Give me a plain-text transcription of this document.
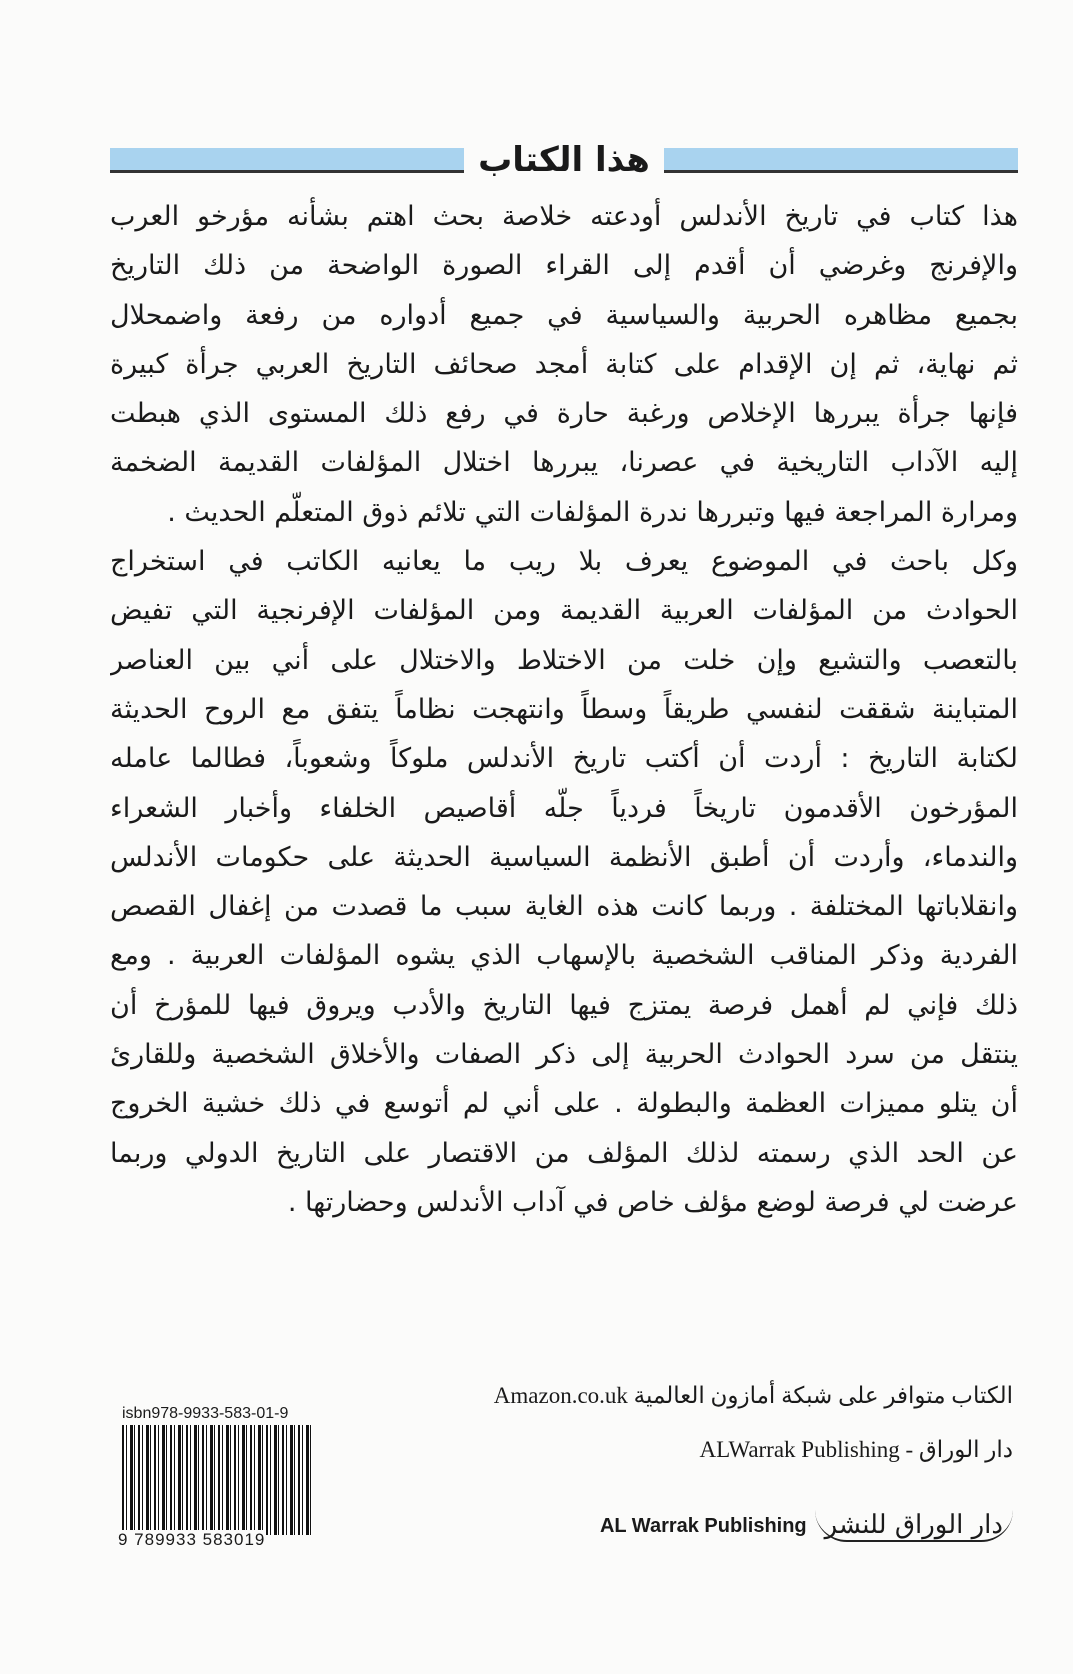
هذا الكتاب
هذا كتاب في تاريخ الأندلس أودعته خلاصة بحث اهتم بشأنه مؤرخو العرب
والإفرنج وغرضي أن أقدم إلى القراء الصورة الواضحة من ذلك التاريخ
بجميع مظاهره الحربية والسياسية في جميع أدواره من رفعة واضمحلال
ثم نهاية، ثم إن الإقدام على كتابة أمجد صحائف التاريخ العربي جرأة كبيرة
فإنها جرأة يبررها الإخلاص ورغبة حارة في رفع ذلك المستوى الذي هبطت
إليه الآداب التاريخية في عصرنا، يبررها اختلال المؤلفات القديمة الضخمة
ومرارة المراجعة فيها وتبررها ندرة المؤلفات التي تلائم ذوق المتعلّم الحديث .
وكل باحث في الموضوع يعرف بلا ريب ما يعانيه الكاتب في استخراج
الحوادث من المؤلفات العربية القديمة ومن المؤلفات الإفرنجية التي تفيض
بالتعصب والتشيع وإن خلت من الاختلاط والاختلال على أني بين العناصر
المتباينة شققت لنفسي طريقاً وسطاً وانتهجت نظاماً يتفق مع الروح الحديثة
لكتابة التاريخ : أردت أن أكتب تاريخ الأندلس ملوكاً وشعوباً، فطالما عامله
المؤرخون الأقدمون تاريخاً فردياً جلّه أقاصيص الخلفاء وأخبار الشعراء
والندماء، وأردت أن أطبق الأنظمة السياسية الحديثة على حكومات الأندلس
وانقلاباتها المختلفة . وربما كانت هذه الغاية سبب ما قصدت من إغفال القصص
الفردية وذكر المناقب الشخصية بالإسهاب الذي يشوه المؤلفات العربية . ومع
ذلك فإني لم أهمل فرصة يمتزج فيها التاريخ والأدب ويروق فيها للمؤرخ أن
ينتقل من سرد الحوادث الحربية إلى ذكر الصفات والأخلاق الشخصية وللقارئ
أن يتلو مميزات العظمة والبطولة . على أني لم أتوسع في ذلك خشية الخروج
عن الحد الذي رسمته لذلك المؤلف من الاقتصار على التاريخ الدولي وربما
عرضت لي فرصة لوضع مؤلف خاص في آداب الأندلس وحضارتها .
الكتاب متوافر على شبكة أمازون العالمية Amazon.co.uk
دار الوراق - ALWarrak Publishing
AL Warrak Publishing دار الوراق للنشر
isbn978-9933-583-01-9
9 789933 583019
